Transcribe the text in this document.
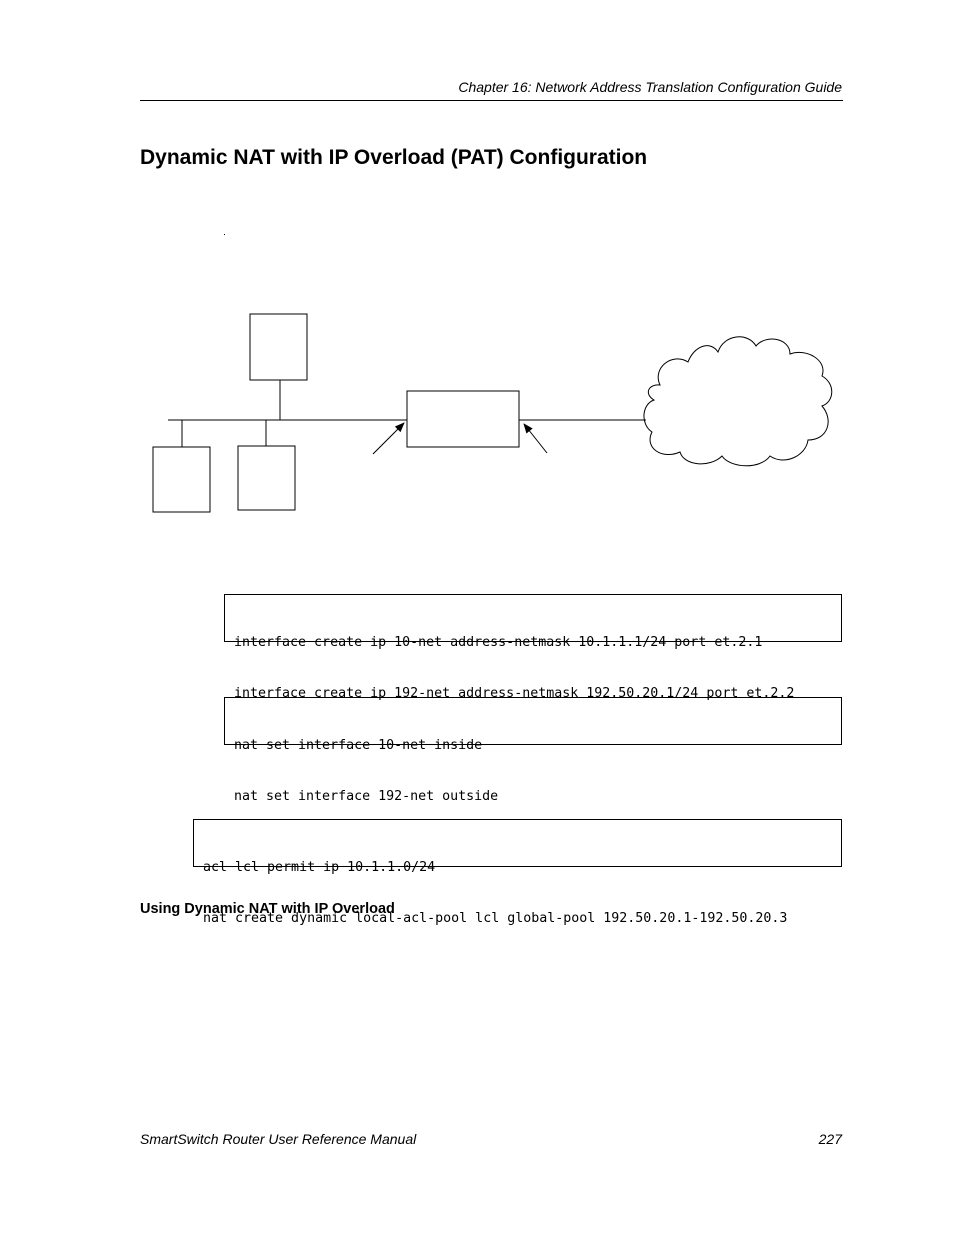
Chapter 16: Network Address Translation Configuration Guide
Dynamic NAT with IP Overload (PAT) Configuration

interface create ip 10-net address-netmask 10.1.1.1/24 port et.2.1

interface create ip 192-net address-netmask 192.50.20.1/24 port et.2.2

nat set interface 10-net inside

nat set interface 192-net outside

acl lcl permit ip 10.1.1.0/24

nat create dynamic local-acl-pool lcl global-pool 192.50.20.1-192.50.20.3

Using Dynamic NAT with IP Overload
SmartSwitch Router User Reference Manual	227
